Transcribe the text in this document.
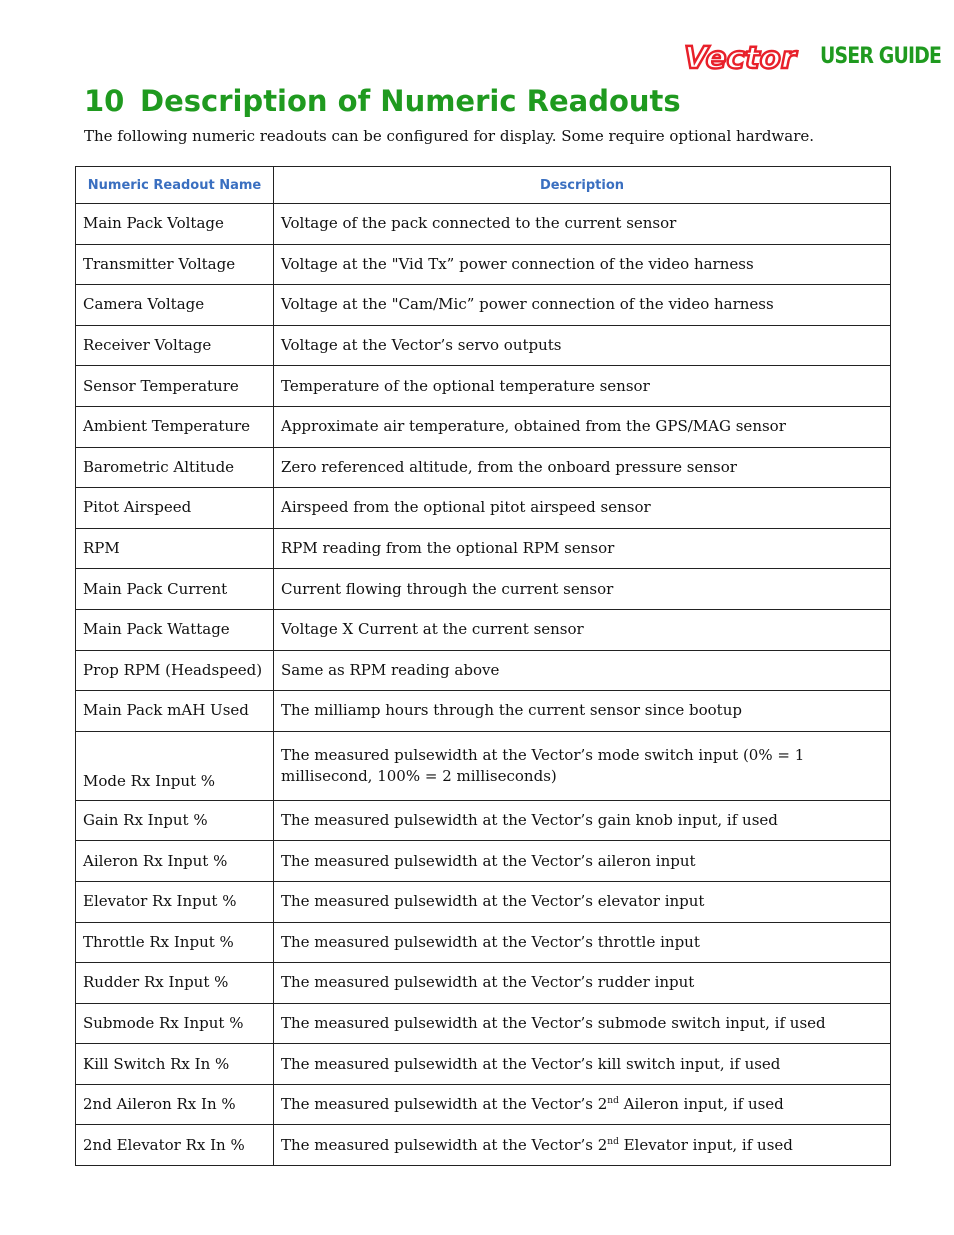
Vector USER GUIDE
10 Description of Numeric Readouts

The following numeric readouts can be configured for display. Some require optional hardware.

Numeric Readout Name	Description
Main Pack Voltage	Voltage of the pack connected to the current sensor
Transmitter Voltage	Voltage at the "Vid Tx” power connection of the video harness
Camera Voltage	Voltage at the "Cam/Mic” power connection of the video harness
Receiver Voltage	Voltage at the Vector’s servo outputs
Sensor Temperature	Temperature of the optional temperature sensor
Ambient Temperature	Approximate air temperature, obtained from the GPS/MAG sensor
Barometric Altitude	Zero referenced altitude, from the onboard pressure sensor
Pitot Airspeed	Airspeed from the optional pitot airspeed sensor
RPM	RPM reading from the optional RPM sensor
Main Pack Current	Current flowing through the current sensor
Main Pack Wattage	Voltage X Current at the current sensor
Prop RPM (Headspeed)	Same as RPM reading above
Main Pack mAH Used	The milliamp hours through the current sensor since bootup
Mode Rx Input %	The measured pulsewidth at the Vector’s mode switch input (0% = 1 millisecond, 100% = 2 milliseconds)
Gain Rx Input %	The measured pulsewidth at the Vector’s gain knob input, if used
Aileron Rx Input %	The measured pulsewidth at the Vector’s aileron input
Elevator Rx Input %	The measured pulsewidth at the Vector’s elevator input
Throttle Rx Input %	The measured pulsewidth at the Vector’s throttle input
Rudder Rx Input %	The measured pulsewidth at the Vector’s rudder input
Submode Rx Input %	The measured pulsewidth at the Vector’s submode switch input, if used
Kill Switch Rx In %	The measured pulsewidth at the Vector’s kill switch input, if used
2nd Aileron Rx In %	The measured pulsewidth at the Vector’s 2nd Aileron input, if used
2nd Elevator Rx In %	The measured pulsewidth at the Vector’s 2nd Elevator input, if used
